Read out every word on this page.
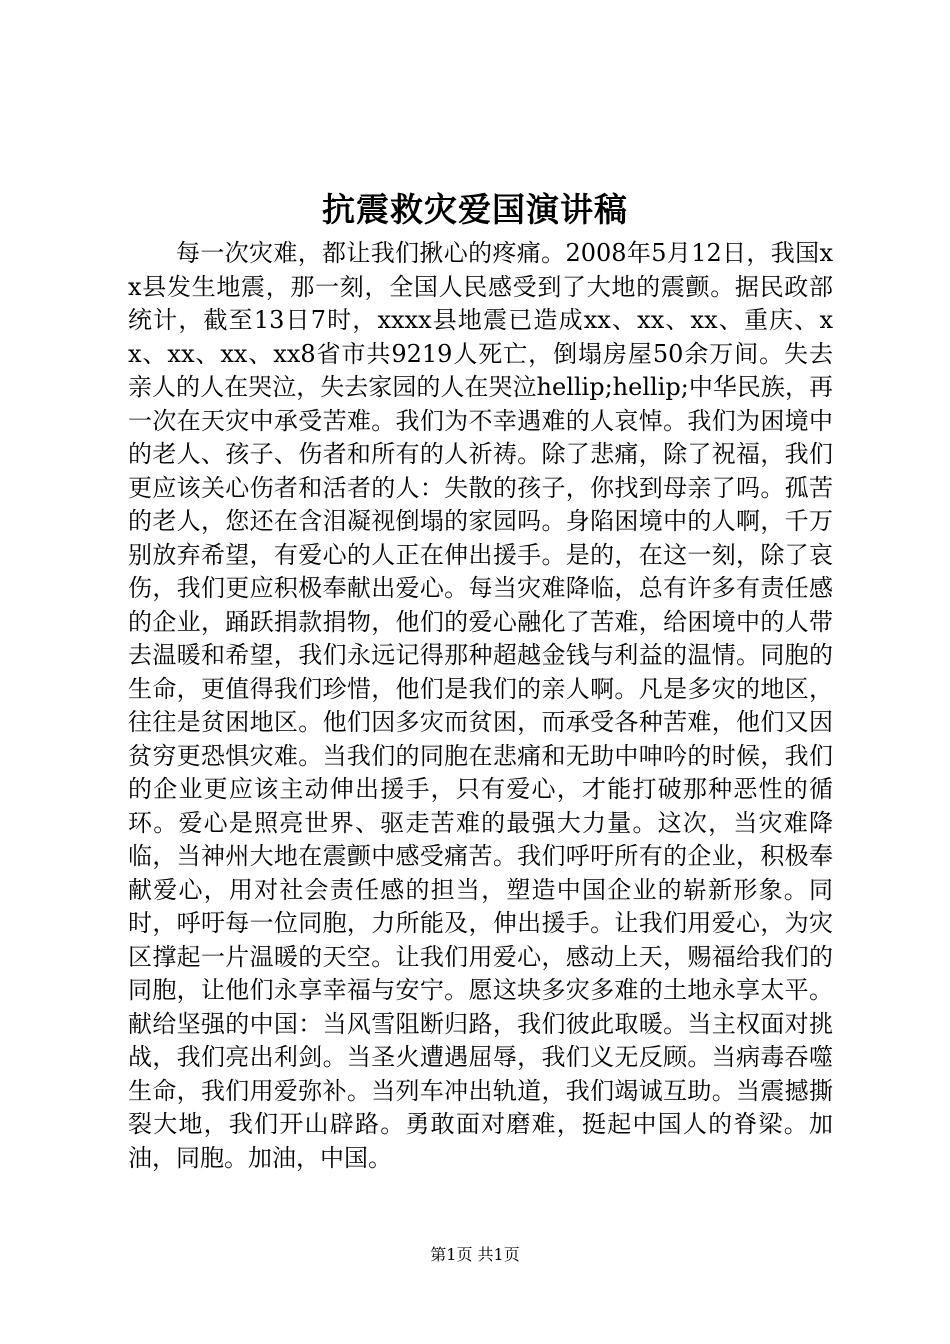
抗震救灾爱国演讲稿

每一次灾难，都让我们揪心的疼痛。2008年5月12日，我国xx县发生地震，那一刻，全国人民感受到了大地的震颤。据民政部统计，截至13日7时，xxxx县地震已造成xx、xx、xx、重庆、xx、xx、xx、xx8省市共9219人死亡，倒塌房屋50余万间。失去亲人的人在哭泣，失去家园的人在哭泣hellip;hellip;中华民族，再一次在天灾中承受苦难。我们为不幸遇难的人哀悼。我们为困境中的老人、孩子、伤者和所有的人祈祷。除了悲痛，除了祝福，我们更应该关心伤者和活者的人：失散的孩子，你找到母亲了吗。孤苦的老人，您还在含泪凝视倒塌的家园吗。身陷困境中的人啊，千万别放弃希望，有爱心的人正在伸出援手。是的，在这一刻，除了哀伤，我们更应积极奉献出爱心。每当灾难降临，总有许多有责任感的企业，踊跃捐款捐物，他们的爱心融化了苦难，给困境中的人带去温暖和希望，我们永远记得那种超越金钱与利益的温情。同胞的生命，更值得我们珍惜，他们是我们的亲人啊。凡是多灾的地区，往往是贫困地区。他们因多灾而贫困，而承受各种苦难，他们又因贫穷更恐惧灾难。当我们的同胞在悲痛和无助中呻吟的时候，我们的企业更应该主动伸出援手，只有爱心，才能打破那种恶性的循环。爱心是照亮世界、驱走苦难的最强大力量。这次，当灾难降临，当神州大地在震颤中感受痛苦。我们呼吁所有的企业，积极奉献爱心，用对社会责任感的担当，塑造中国企业的崭新形象。同时，呼吁每一位同胞，力所能及，伸出援手。让我们用爱心，为灾区撑起一片温暖的天空。让我们用爱心，感动上天，赐福给我们的同胞，让他们永享幸福与安宁。愿这块多灾多难的土地永享太平。献给坚强的中国：当风雪阻断归路，我们彼此取暖。当主权面对挑战，我们亮出利剑。当圣火遭遇屈辱，我们义无反顾。当病毒吞噬生命，我们用爱弥补。当列车冲出轨道，我们竭诚互助。当震撼撕裂大地，我们开山辟路。勇敢面对磨难，挺起中国人的脊梁。加油，同胞。加油，中国。

第1页 共1页
